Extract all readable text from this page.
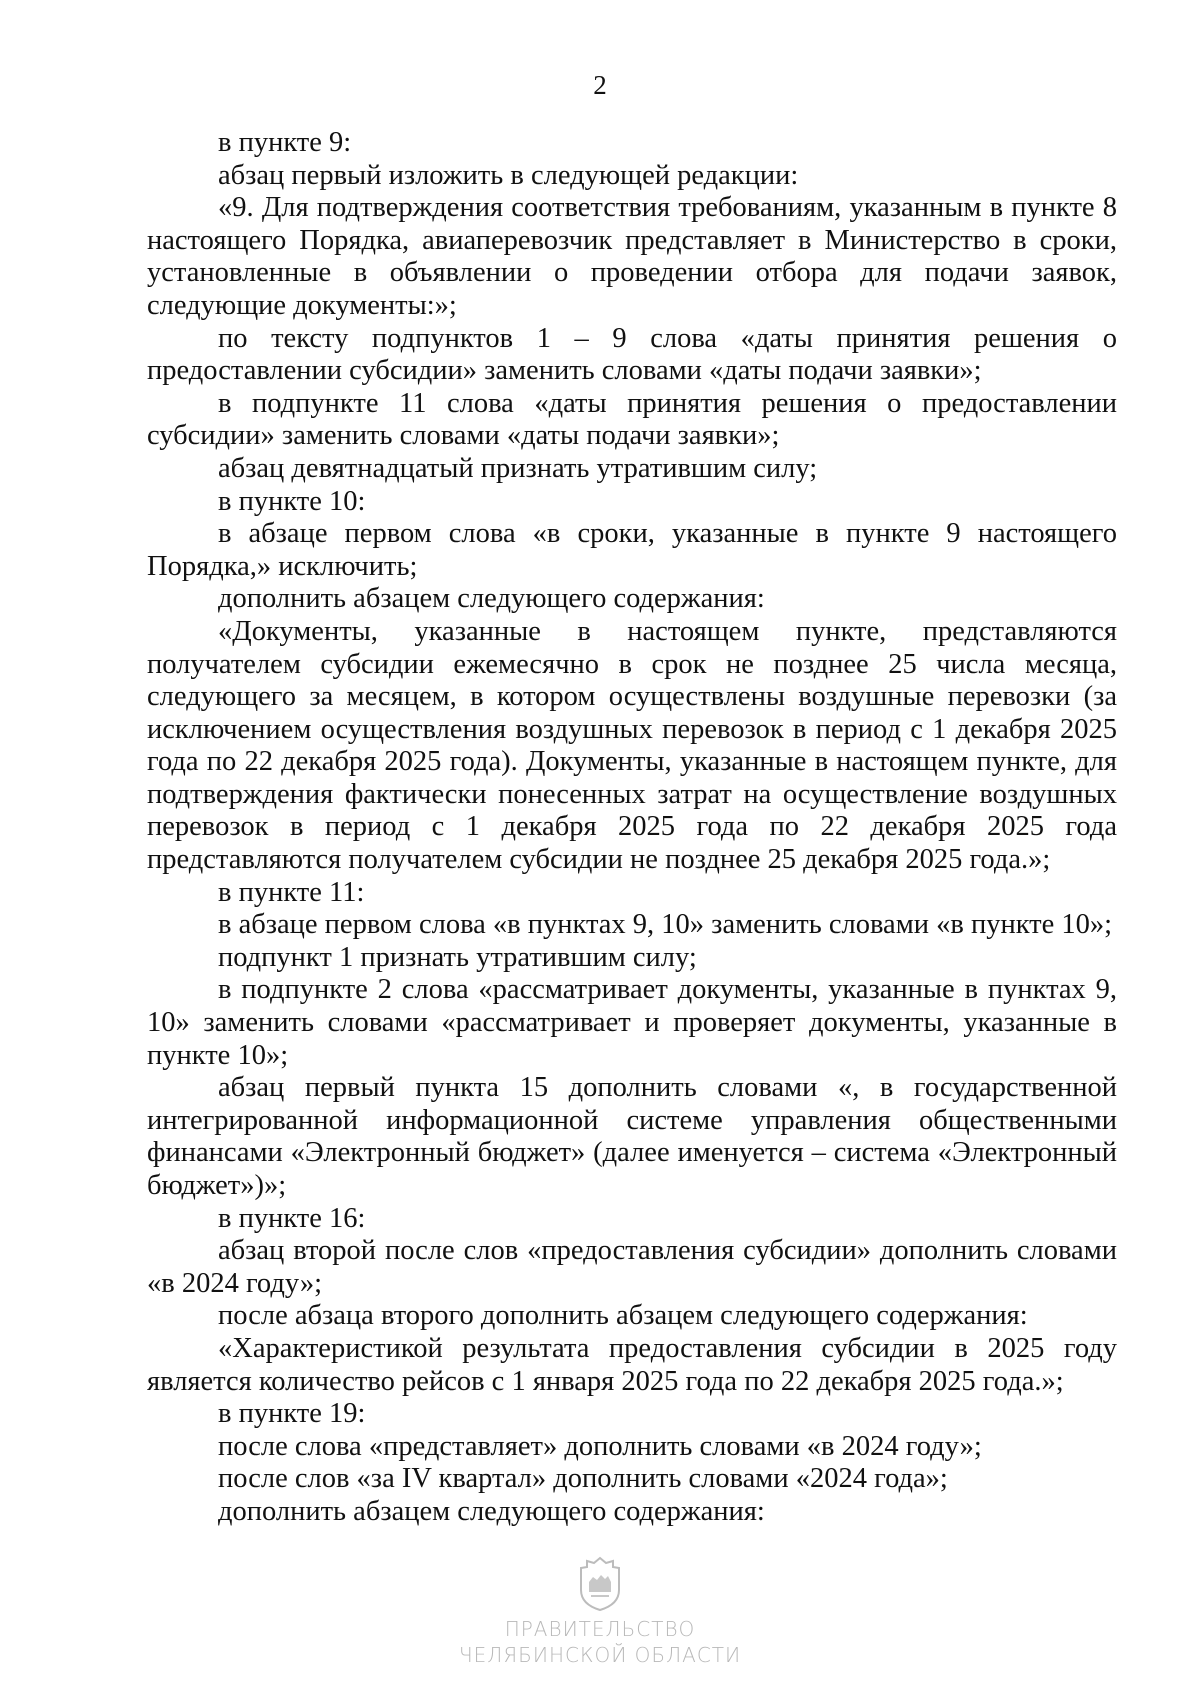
2

в пункте 9:

абзац первый изложить в следующей редакции:

«9. Для подтверждения соответствия требованиям, указанным в пункте 8 настоящего Порядка, авиаперевозчик представляет в Министерство в сроки, установленные в объявлении о проведении отбора для подачи заявок, следующие документы:»;

по тексту подпунктов 1 – 9 слова «даты принятия решения о предоставлении субсидии» заменить словами «даты подачи заявки»;

в подпункте 11 слова «даты принятия решения о предоставлении субсидии» заменить словами «даты подачи заявки»;

абзац девятнадцатый признать утратившим силу;

в пункте 10:

в абзаце первом слова «в сроки, указанные в пункте 9 настоящего Порядка,» исключить;

дополнить абзацем следующего содержания:

«Документы, указанные в настоящем пункте, представляются получателем субсидии ежемесячно в срок не позднее 25 числа месяца, следующего за месяцем, в котором осуществлены воздушные перевозки (за исключением осуществления воздушных перевозок в период с 1 декабря 2025 года по 22 декабря 2025 года). Документы, указанные в настоящем пункте, для подтверждения фактически понесенных затрат на осуществление воздушных перевозок в период с 1 декабря 2025 года по 22 декабря 2025 года представляются получателем субсидии не позднее 25 декабря 2025 года.»;

в пункте 11:

в абзаце первом слова «в пунктах 9, 10» заменить словами «в пункте 10»;

подпункт 1 признать утратившим силу;

в подпункте 2 слова «рассматривает документы, указанные в пунктах 9, 10» заменить словами «рассматривает и проверяет документы, указанные в пункте 10»;

абзац первый пункта 15 дополнить словами «, в государственной интегрированной информационной системе управления общественными финансами «Электронный бюджет» (далее именуется – система «Электронный бюджет»)»;

в пункте 16:

абзац второй после слов «предоставления субсидии» дополнить словами «в 2024 году»;

после абзаца второго дополнить абзацем следующего содержания:

«Характеристикой результата предоставления субсидии в 2025 году является количество рейсов с 1 января 2025 года по 22 декабря 2025 года.»;

в пункте 19:

после слова «представляет» дополнить словами «в 2024 году»;

после слов «за IV квартал» дополнить словами «2024 года»;

дополнить абзацем следующего содержания:

ПРАВИТЕЛЬСТВО
ЧЕЛЯБИНСКОЙ ОБЛАСТИ
